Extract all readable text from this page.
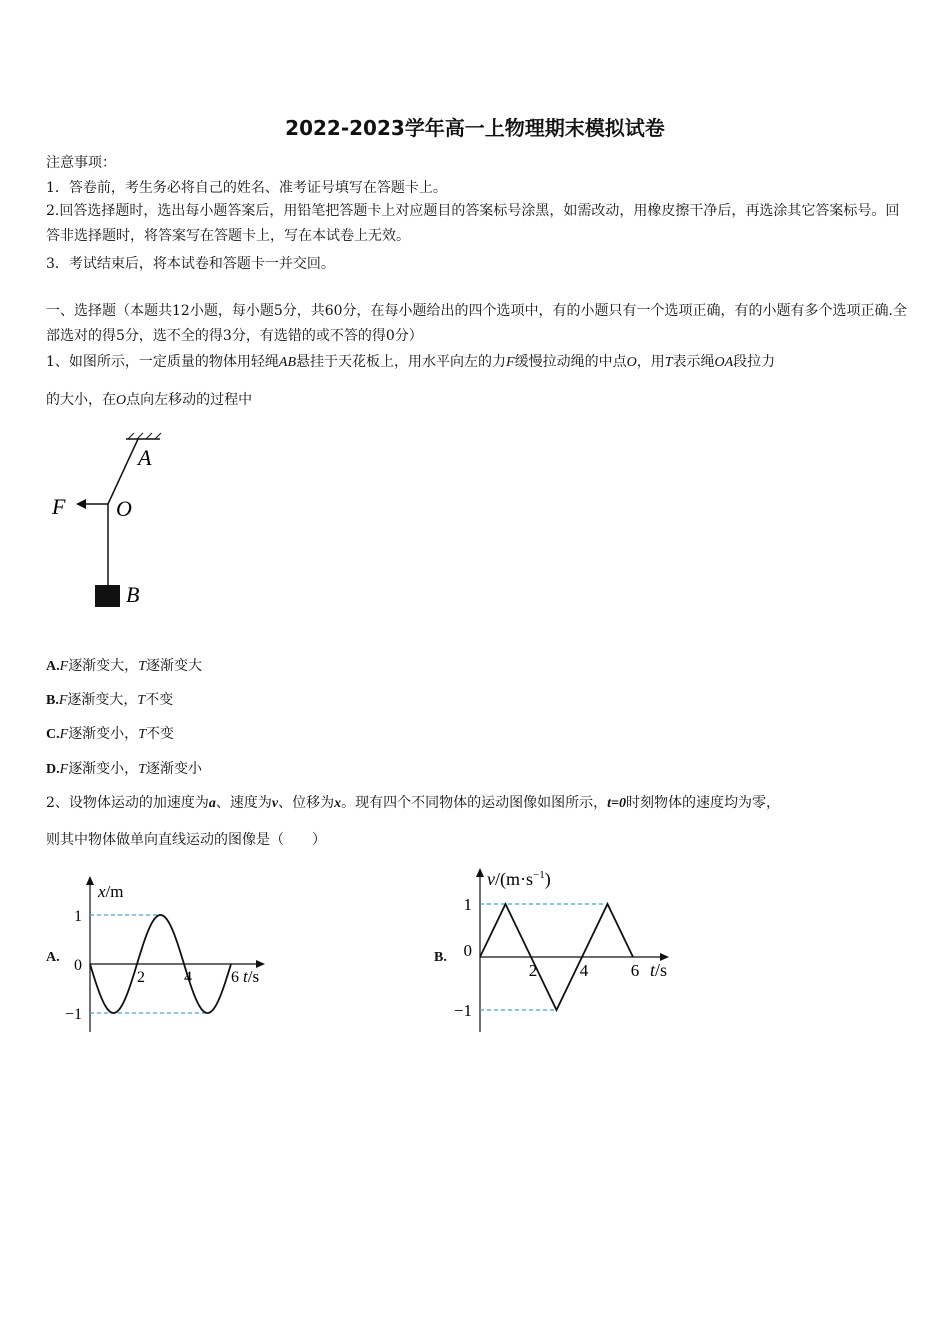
2022-2023学年高一上物理期末模拟试卷
注意事项：
1．答卷前，考生务必将自己的姓名、准考证号填写在答题卡上。
2.回答选择题时，选出每小题答案后，用铅笔把答题卡上对应题目的答案标号涂黑，如需改动，用橡皮擦干净后，再选涂其它答案标号。回答非选择题时，将答案写在答题卡上，写在本试卷上无效。
3．考试结束后，将本试卷和答题卡一并交回。
一、选择题（本题共12小题，每小题5分，共60分，在每小题给出的四个选项中，有的小题只有一个选项正确，有的小题有多个选项正确.全部选对的得5分，选不全的得3分，有选错的或不答的得0分）
1、如图所示，一定质量的物体用轻绳AB悬挂于天花板上，用水平向左的力F缓慢拉动绳的中点O，用T表示绳OA段拉力
的大小，在O点向左移动的过程中
A
O
F
B
A.F逐渐变大，T逐渐变大
B.F逐渐变大，T不变
C.F逐渐变小，T不变
D.F逐渐变小，T逐渐变小
2、设物体运动的加速度为a、速度为v、位移为x。现有四个不同物体的运动图像如图所示，t=0时刻物体的速度均为零，
则其中物体做单向直线运动的图像是（　　）
A.
2 4 6
1
0
−1
x/m
t/s
B.
2	4	6
1
0
−1
$v/(m\cdot s^{-1})$
t/s
